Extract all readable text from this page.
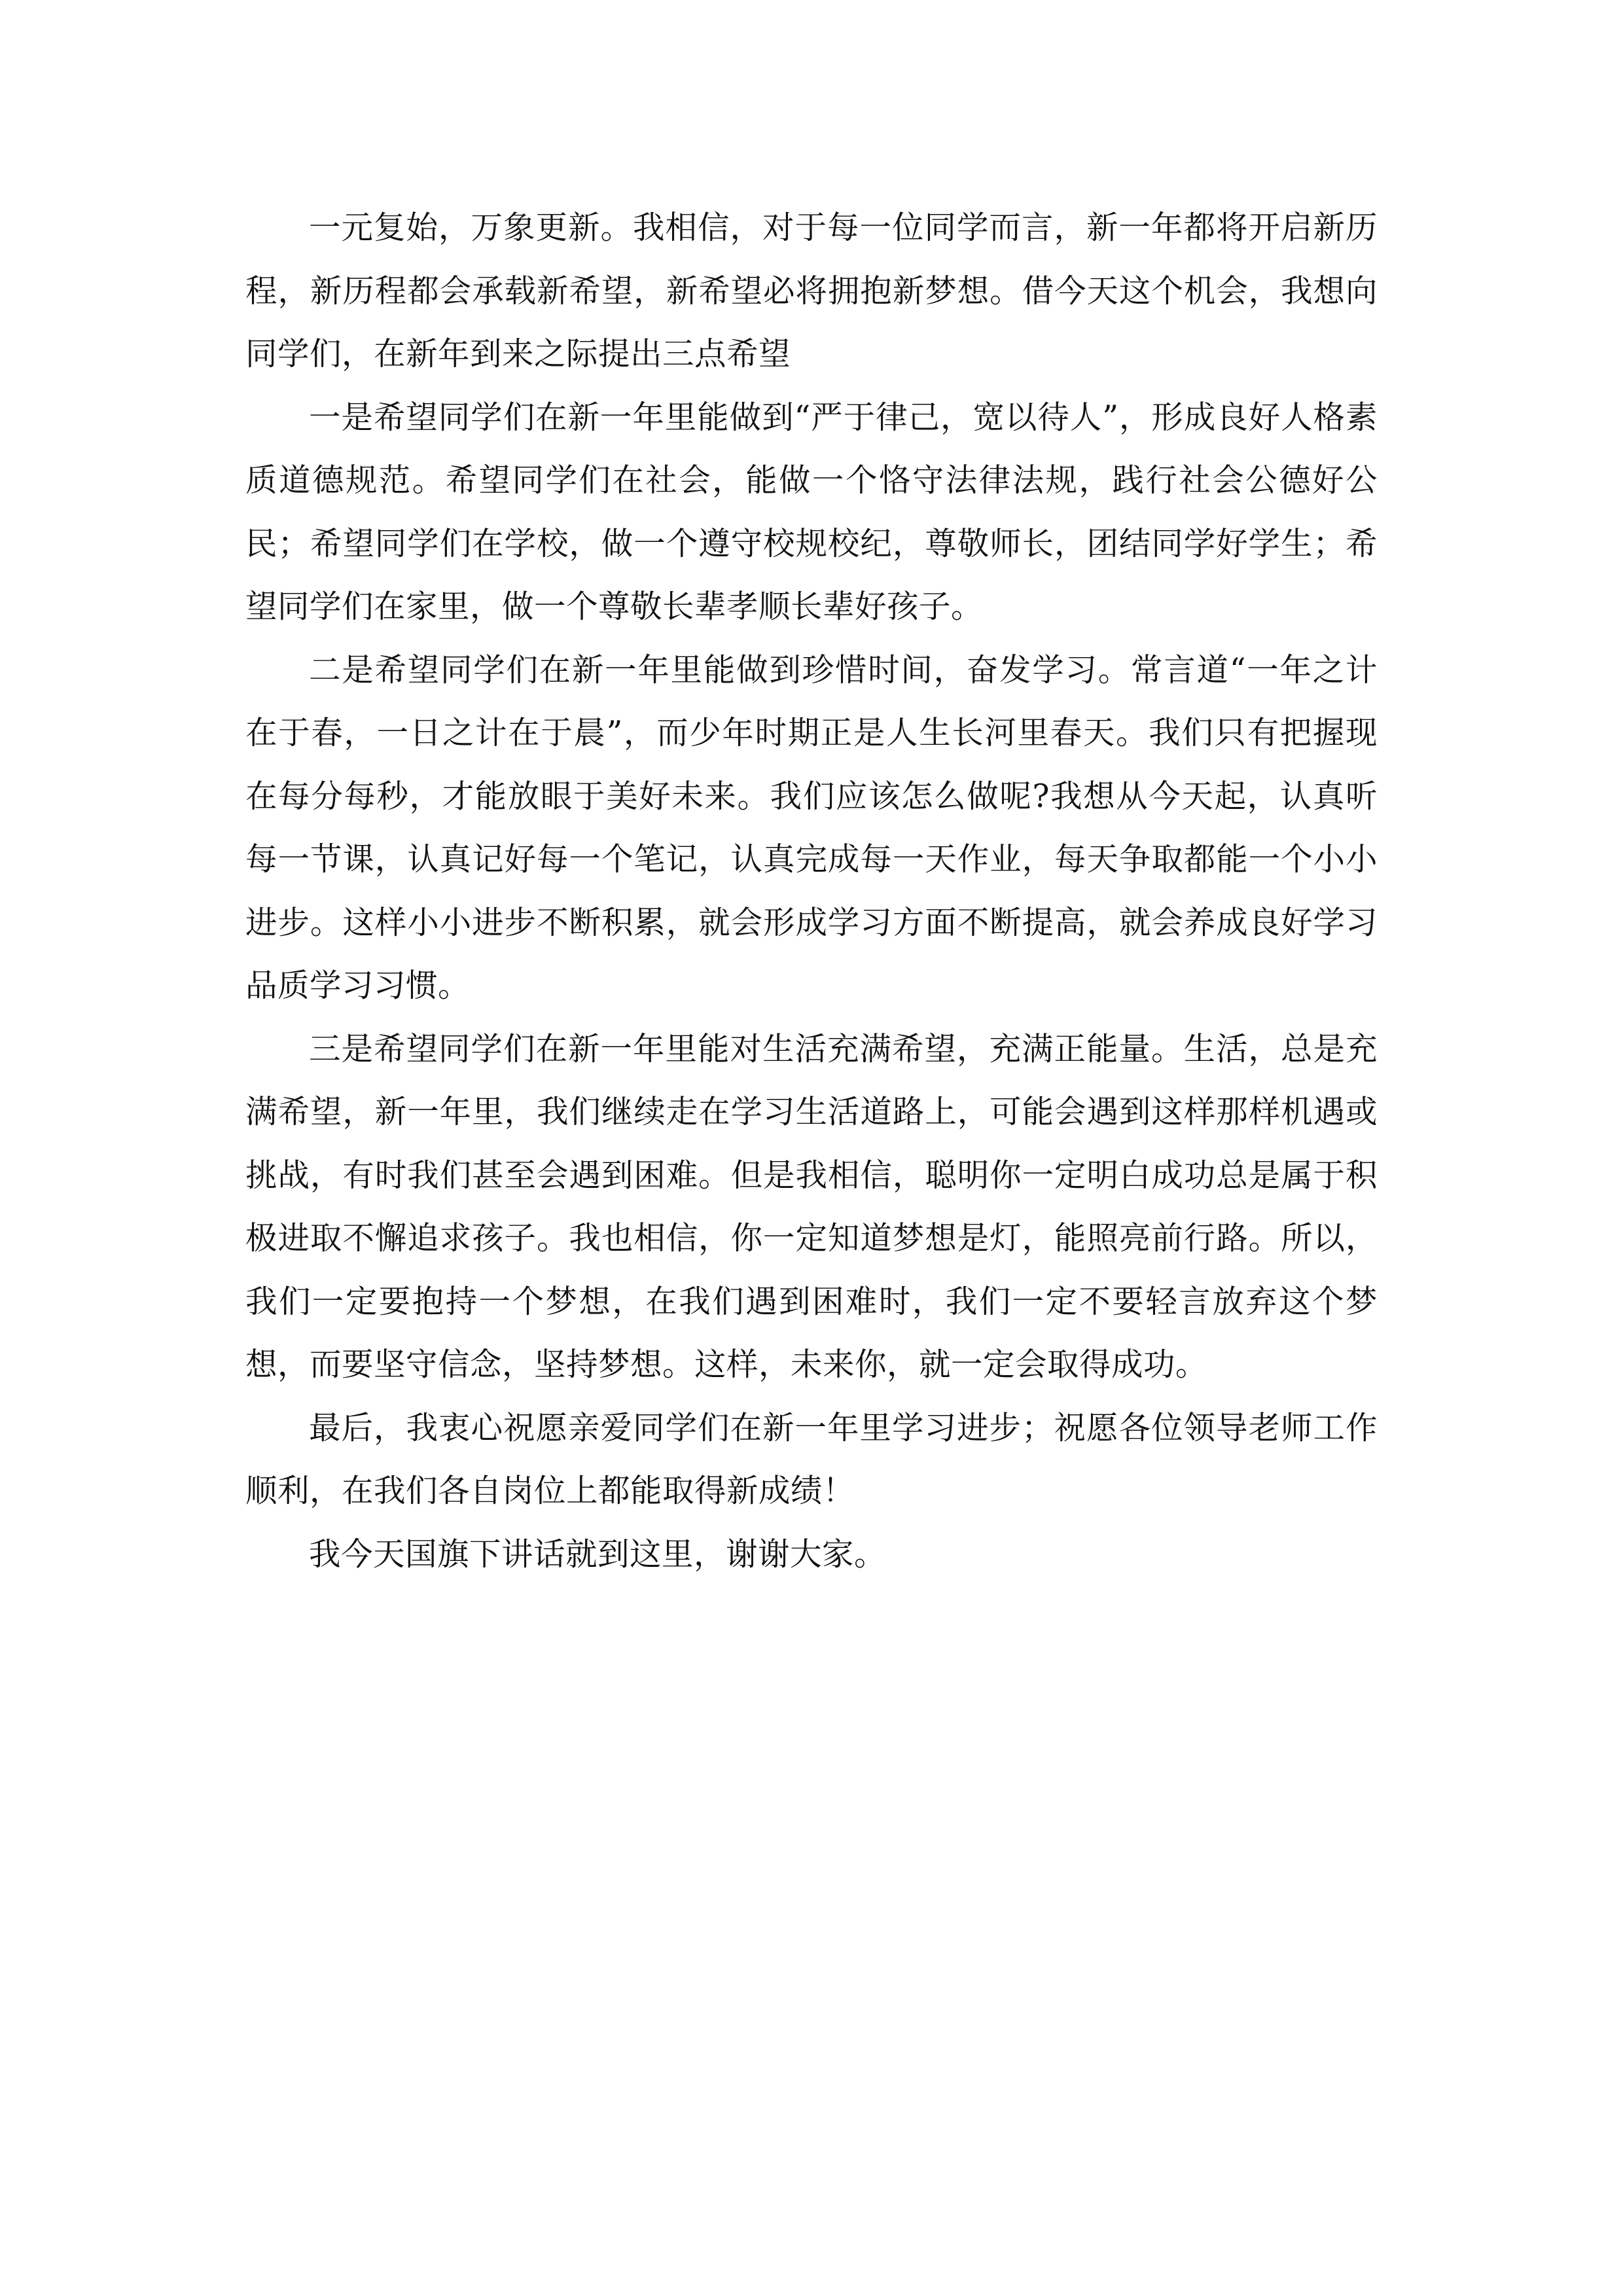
一元复始，万象更新。我相信，对于每一位同学而言，新一年都将开启新历程，新历程都会承载新希望，新希望必将拥抱新梦想。借今天这个机会，我想向同学们，在新年到来之际提出三点希望

一是希望同学们在新一年里能做到“严于律己，宽以待人”，形成良好人格素质道德规范。希望同学们在社会，能做一个恪守法律法规，践行社会公德好公民；希望同学们在学校，做一个遵守校规校纪，尊敬师长，团结同学好学生；希望同学们在家里，做一个尊敬长辈孝顺长辈好孩子。

二是希望同学们在新一年里能做到珍惜时间，奋发学习。常言道“一年之计在于春，一日之计在于晨”，而少年时期正是人生长河里春天。我们只有把握现在每分每秒，才能放眼于美好未来。我们应该怎么做呢?我想从今天起，认真听每一节课，认真记好每一个笔记，认真完成每一天作业，每天争取都能一个小小进步。这样小小进步不断积累，就会形成学习方面不断提高，就会养成良好学习品质学习习惯。

三是希望同学们在新一年里能对生活充满希望，充满正能量。生活，总是充满希望，新一年里，我们继续走在学习生活道路上，可能会遇到这样那样机遇或挑战，有时我们甚至会遇到困难。但是我相信，聪明你一定明白成功总是属于积极进取不懈追求孩子。我也相信，你一定知道梦想是灯，能照亮前行路。所以，我们一定要抱持一个梦想，在我们遇到困难时，我们一定不要轻言放弃这个梦想，而要坚守信念，坚持梦想。这样，未来你，就一定会取得成功。

最后，我衷心祝愿亲爱同学们在新一年里学习进步；祝愿各位领导老师工作顺利，在我们各自岗位上都能取得新成绩！

我今天国旗下讲话就到这里，谢谢大家。
